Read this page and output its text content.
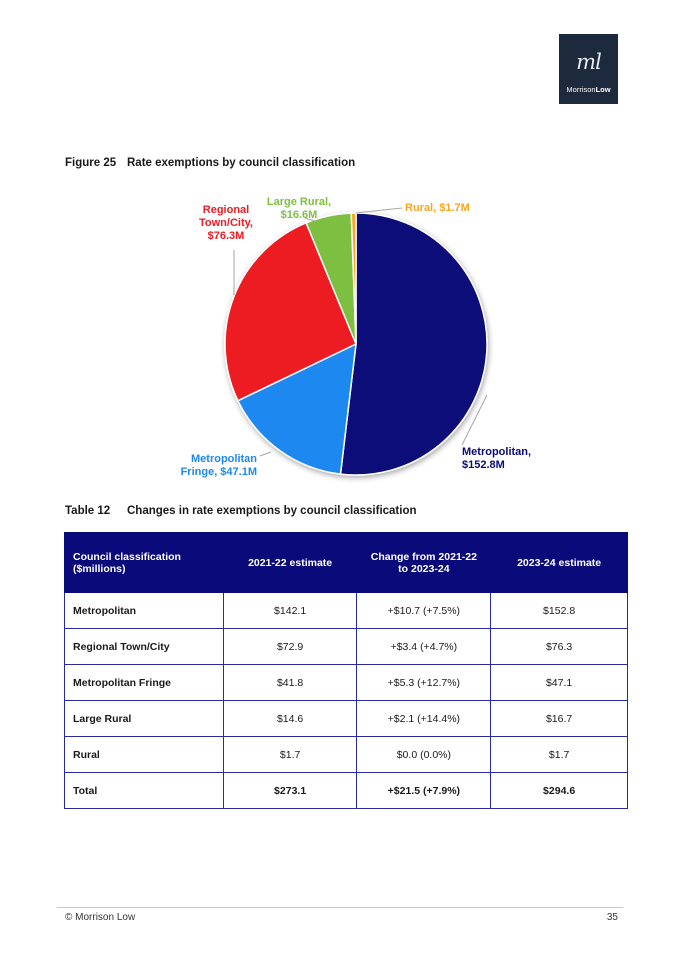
ml
MorrisonLow
Figure 25 Rate exemptions by council classification
Metropolitan, $152.8M
Metropolitan Fringe, $47.1M
Regional Town/City, $76.3M
Large Rural, $16.6M
Rural, $1.7M
Table 12 Changes in rate exemptions by council classification
Council classification ($millions)	2021-22 estimate	Change from 2021-22 to 2023-24	2023-24 estimate
Metropolitan	$142.1	+$10.7 (+7.5%)	$152.8
Regional Town/City	$72.9	+$3.4 (+4.7%)	$76.3
Metropolitan Fringe	$41.8	+$5.3 (+12.7%)	$47.1
Large Rural	$14.6	+$2.1 (+14.4%)	$16.7
Rural	$1.7	$0.0 (0.0%)	$1.7
Total	$273.1	+$21.5 (+7.9%)	$294.6
© Morrison Low	35
